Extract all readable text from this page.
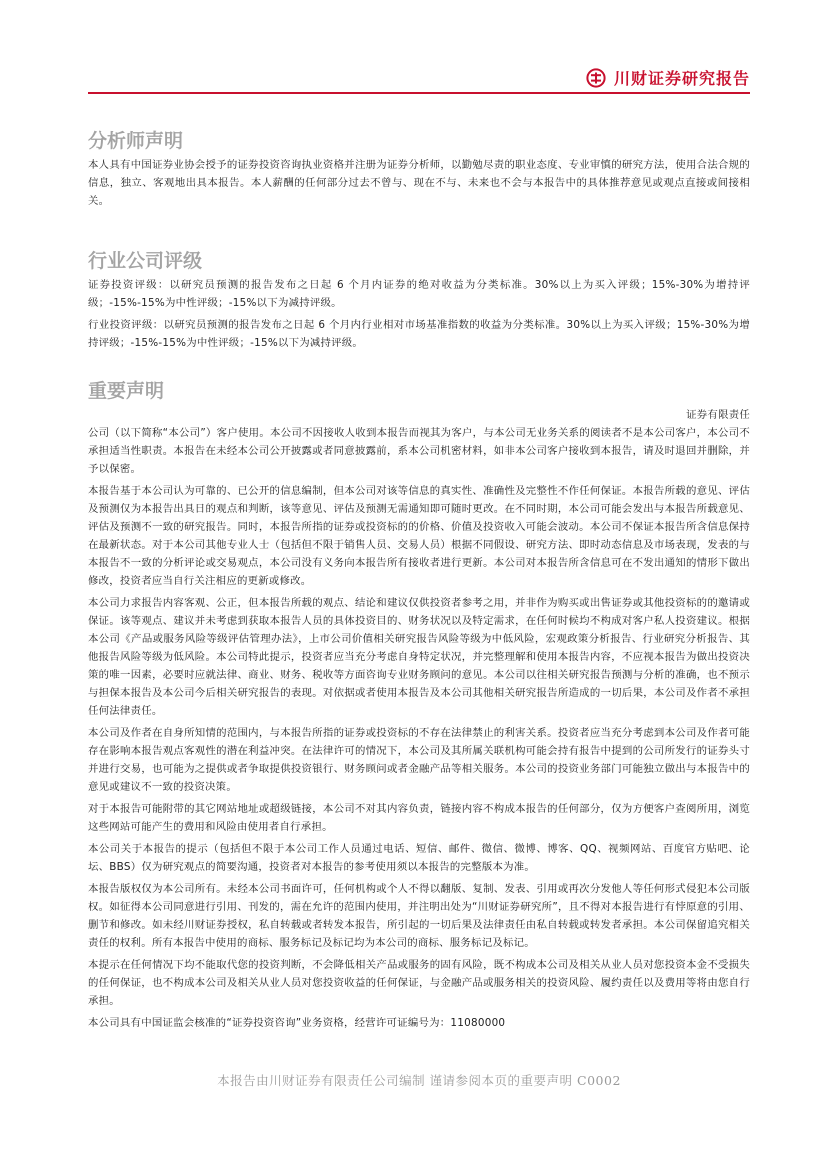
川财证券研究报告
分析师声明

本人具有中国证券业协会授予的证券投资咨询执业资格并注册为证券分析师，以勤勉尽责的职业态度、专业审慎的研究方法，使用合法合规的信息，独立、客观地出具本报告。本人薪酬的任何部分过去不曾与、现在不与、未来也不会与本报告中的具体推荐意见或观点直接或间接相关。

行业公司评级

证券投资评级：以研究员预测的报告发布之日起 6 个月内证券的绝对收益为分类标准。30%以上为买入评级；15%-30%为增持评级；-15%-15%为中性评级；-15%以下为减持评级。

行业投资评级：以研究员预测的报告发布之日起 6 个月内行业相对市场基准指数的收益为分类标准。30%以上为买入评级；15%-30%为增持评级；-15%-15%为中性评级；-15%以下为减持评级。

重要声明

证券有限责任

公司（以下简称“本公司”）客户使用。本公司不因接收人收到本报告而视其为客户，与本公司无业务关系的阅读者不是本公司客户，本公司不承担适当性职责。本报告在未经本公司公开披露或者同意披露前，系本公司机密材料，如非本公司客户接收到本报告，请及时退回并删除，并予以保密。

本报告基于本公司认为可靠的、已公开的信息编制，但本公司对该等信息的真实性、准确性及完整性不作任何保证。本报告所载的意见、评估及预测仅为本报告出具日的观点和判断，该等意见、评估及预测无需通知即可随时更改。在不同时期，本公司可能会发出与本报告所载意见、评估及预测不一致的研究报告。同时，本报告所指的证券或投资标的的价格、价值及投资收入可能会波动。本公司不保证本报告所含信息保持在最新状态。对于本公司其他专业人士（包括但不限于销售人员、交易人员）根据不同假设、研究方法、即时动态信息及市场表现，发表的与本报告不一致的分析评论或交易观点，本公司没有义务向本报告所有接收者进行更新。本公司对本报告所含信息可在不发出通知的情形下做出修改，投资者应当自行关注相应的更新或修改。

本公司力求报告内容客观、公正，但本报告所载的观点、结论和建议仅供投资者参考之用，并非作为购买或出售证券或其他投资标的的邀请或保证。该等观点、建议并未考虑到获取本报告人员的具体投资目的、财务状况以及特定需求，在任何时候均不构成对客户私人投资建议。根据本公司《产品或服务风险等级评估管理办法》，上市公司价值相关研究报告风险等级为中低风险，宏观政策分析报告、行业研究分析报告、其他报告风险等级为低风险。本公司特此提示，投资者应当充分考虑自身特定状况，并完整理解和使用本报告内容，不应视本报告为做出投资决策的唯一因素，必要时应就法律、商业、财务、税收等方面咨询专业财务顾问的意见。本公司以往相关研究报告预测与分析的准确，也不预示与担保本报告及本公司今后相关研究报告的表现。对依据或者使用本报告及本公司其他相关研究报告所造成的一切后果，本公司及作者不承担任何法律责任。

本公司及作者在自身所知情的范围内，与本报告所指的证券或投资标的不存在法律禁止的利害关系。投资者应当充分考虑到本公司及作者可能存在影响本报告观点客观性的潜在利益冲突。在法律许可的情况下，本公司及其所属关联机构可能会持有报告中提到的公司所发行的证券头寸并进行交易，也可能为之提供或者争取提供投资银行、财务顾问或者金融产品等相关服务。本公司的投资业务部门可能独立做出与本报告中的意见或建议不一致的投资决策。

对于本报告可能附带的其它网站地址或超级链接，本公司不对其内容负责，链接内容不构成本报告的任何部分，仅为方便客户查阅所用，浏览这些网站可能产生的费用和风险由使用者自行承担。

本公司关于本报告的提示（包括但不限于本公司工作人员通过电话、短信、邮件、微信、微博、博客、QQ、视频网站、百度官方贴吧、论坛、BBS）仅为研究观点的简要沟通，投资者对本报告的参考使用须以本报告的完整版本为准。

本报告版权仅为本公司所有。未经本公司书面许可，任何机构或个人不得以翻版、复制、发表、引用或再次分发他人等任何形式侵犯本公司版权。如征得本公司同意进行引用、刊发的，需在允许的范围内使用，并注明出处为“川财证券研究所”，且不得对本报告进行有悖原意的引用、删节和修改。如未经川财证券授权，私自转载或者转发本报告，所引起的一切后果及法律责任由私自转载或转发者承担。本公司保留追究相关责任的权利。所有本报告中使用的商标、服务标记及标记均为本公司的商标、服务标记及标记。

本提示在任何情况下均不能取代您的投资判断，不会降低相关产品或服务的固有风险，既不构成本公司及相关从业人员对您投资本金不受损失的任何保证，也不构成本公司及相关从业人员对您投资收益的任何保证，与金融产品或服务相关的投资风险、履约责任以及费用等将由您自行承担。

本公司具有中国证监会核准的“证券投资咨询”业务资格，经营许可证编号为：11080000

本报告由川财证券有限责任公司编制 谨请参阅本页的重要声明 C0002
